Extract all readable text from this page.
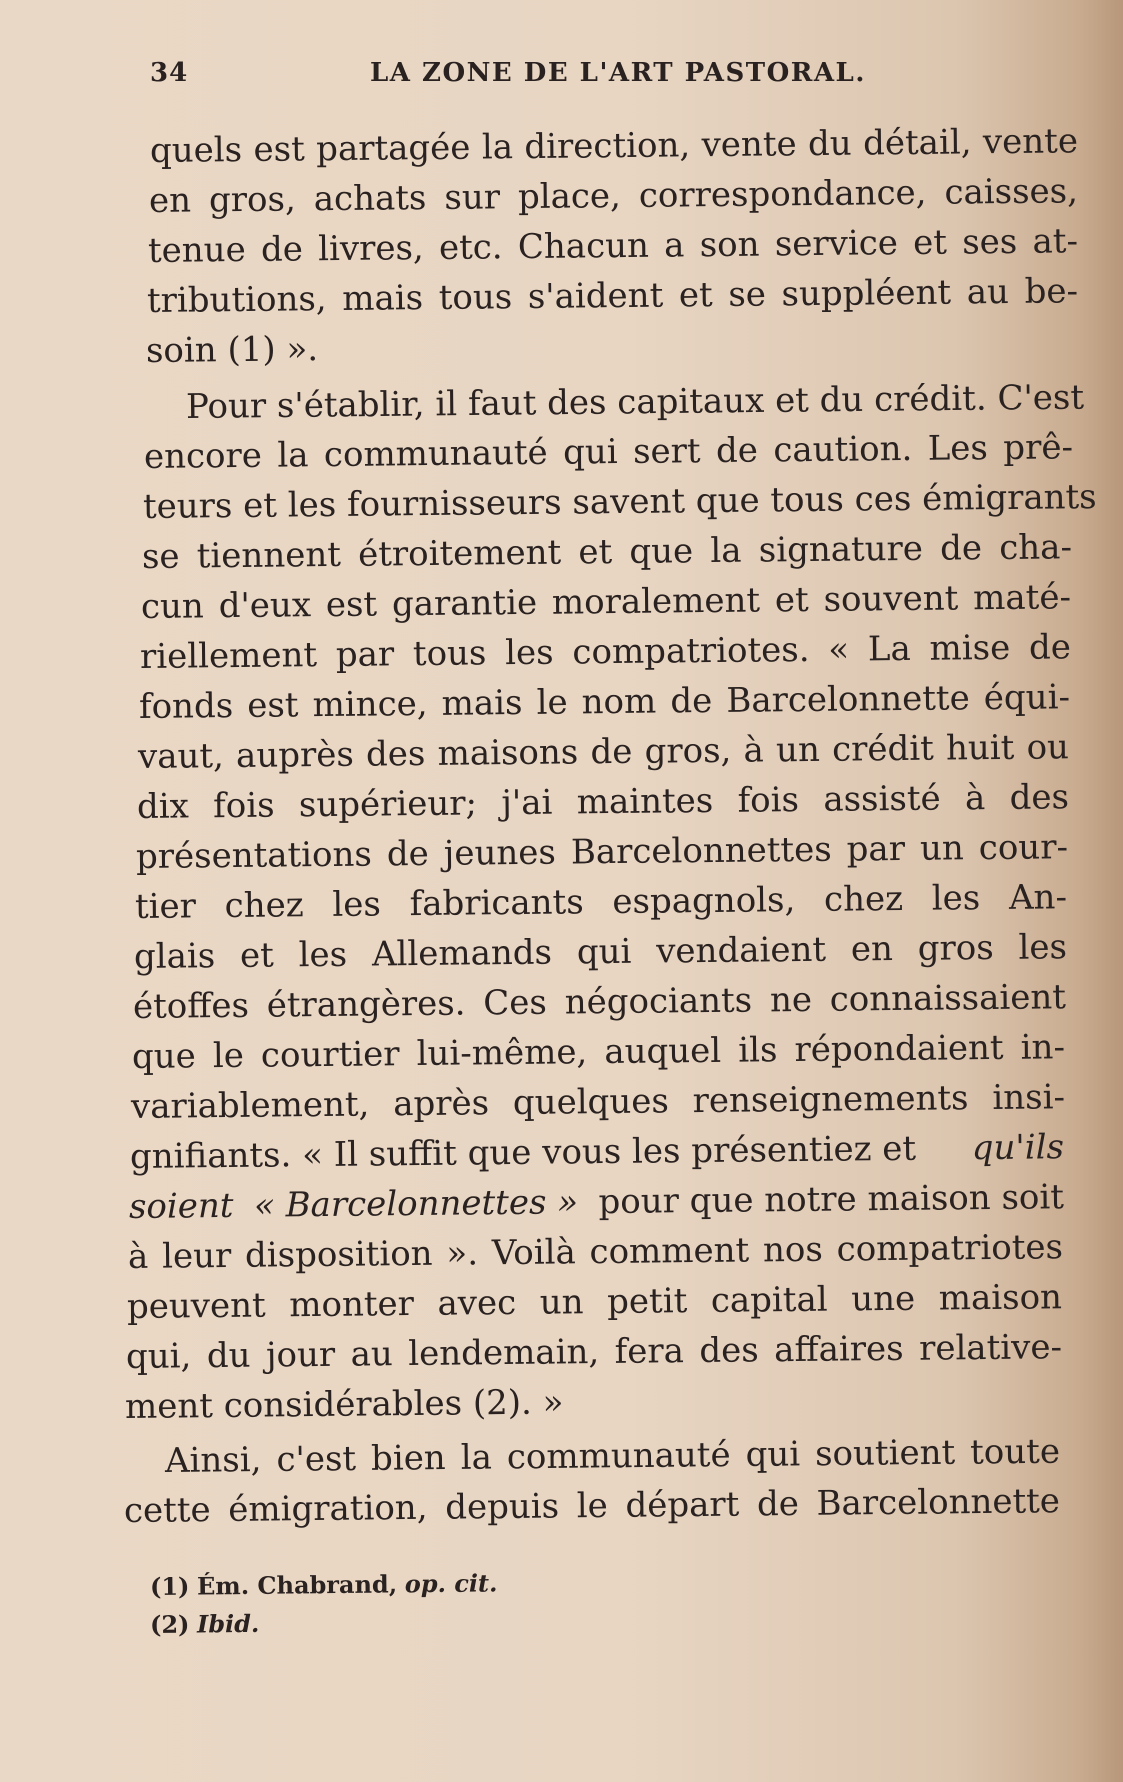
34	LA ZONE DE L'ART PASTORAL.
quels est partagée la direction, vente du détail, vente
en gros, achats sur place, correspondance, caisses,
tenue de livres, etc. Chacun a son service et ses at-
tributions, mais tous s'aident et se suppléent au be-
soin (1) ».
Pour s'établir, il faut des capitaux et du crédit. C'est
encore la communauté qui sert de caution. Les prê-
teurs et les fournisseurs savent que tous ces émigrants
se tiennent étroitement et que la signature de cha-
cun d'eux est garantie moralement et souvent maté-
riellement par tous les compatriotes. « La mise de
fonds est mince, mais le nom de Barcelonnette équi-
vaut, auprès des maisons de gros, à un crédit huit ou
dix fois supérieur; j'ai maintes fois assisté à des
présentations de jeunes Barcelonnettes par un cour-
tier chez les fabricants espagnols, chez les An-
glais et les Allemands qui vendaient en gros les
étoffes étrangères. Ces négociants ne connaissaient
que le courtier lui-même, auquel ils répondaient in-
variablement, après quelques renseignements insi-
gnifiants. « Il suffit que vous les présentiez et qu'ils
soient « Barcelonnettes » pour que notre maison soit
à leur disposition ». Voilà comment nos compatriotes
peuvent monter avec un petit capital une maison
qui, du jour au lendemain, fera des affaires relative-
ment considérables (2). »
Ainsi, c'est bien la communauté qui soutient toute
cette émigration, depuis le départ de Barcelonnette
(1) Ém. Chabrand, op. cit.
(2) Ibid.
